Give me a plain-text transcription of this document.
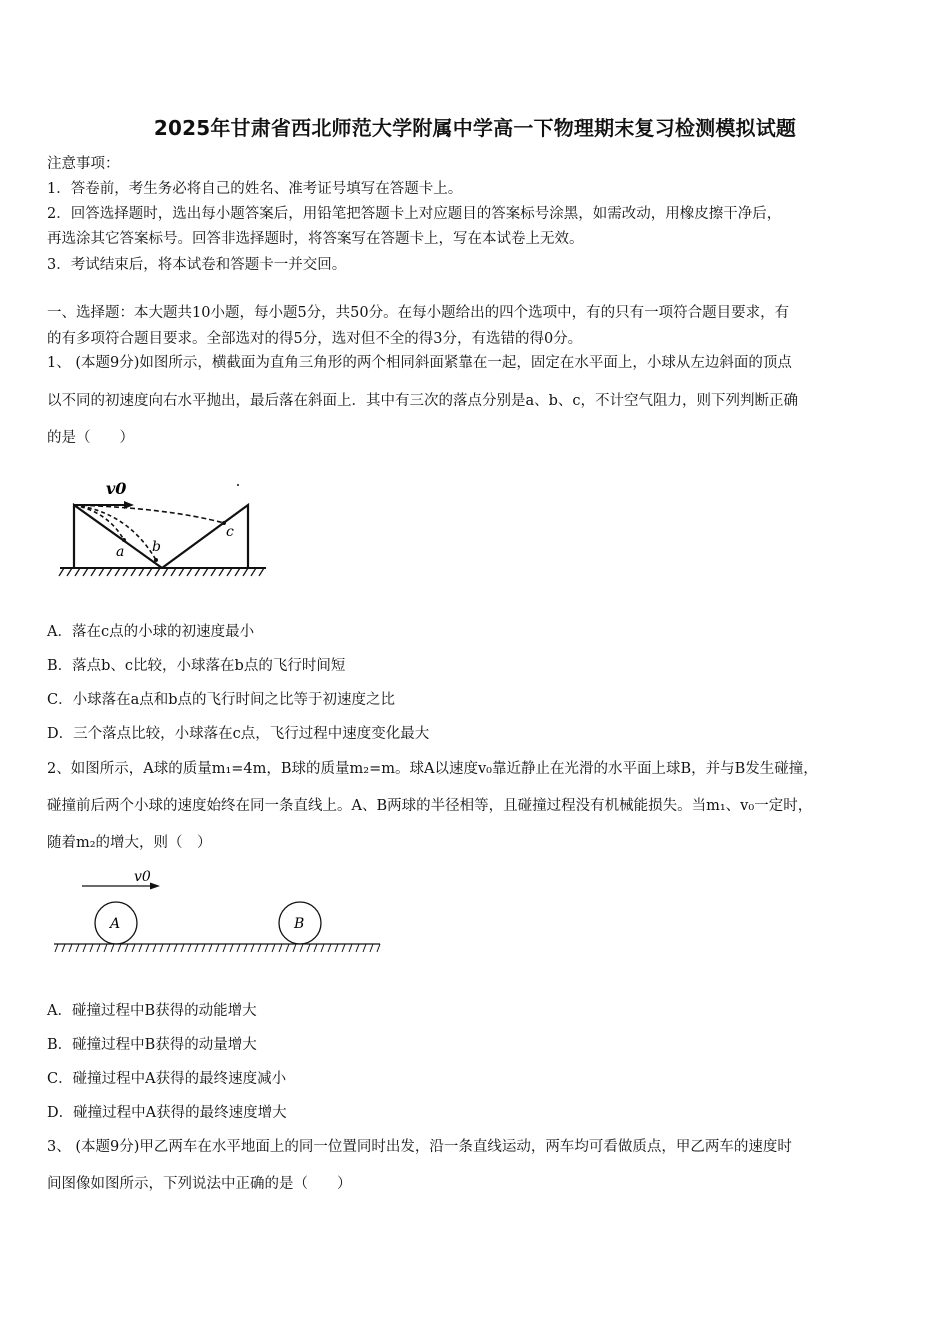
2025年甘肃省西北师范大学附属中学高一下物理期末复习检测模拟试题
注意事项：
1．答卷前，考生务必将自己的姓名、准考证号填写在答题卡上。
2．回答选择题时，选出每小题答案后，用铅笔把答题卡上对应题目的答案标号涂黑，如需改动，用橡皮擦干净后，
再选涂其它答案标号。回答非选择题时，将答案写在答题卡上，写在本试卷上无效。
3．考试结束后，将本试卷和答题卡一并交回。
一、选择题：本大题共10小题，每小题5分，共50分。在每小题给出的四个选项中，有的只有一项符合题目要求，有
的有多项符合题目要求。全部选对的得5分，选对但不全的得3分，有选错的得0分。
1、 (本题9分)如图所示，横截面为直角三角形的两个相同斜面紧靠在一起，固定在水平面上，小球从左边斜面的顶点
以不同的初速度向右水平抛出，最后落在斜面上．其中有三次的落点分别是a、b、c，不计空气阻力，则下列判断正确
的是（　　）
v0
a b
c
A．落在c点的小球的初速度最小
B．落点b、c比较，小球落在b点的飞行时间短
C．小球落在a点和b点的飞行时间之比等于初速度之比
D．三个落点比较，小球落在c点，飞行过程中速度变化最大
2、如图所示，A球的质量m₁=4m，B球的质量m₂=m。球A以速度v₀靠近静止在光滑的水平面上球B，并与B发生碰撞，
碰撞前后两个小球的速度始终在同一条直线上。A、B两球的半径相等，且碰撞过程没有机械能损失。当m₁、v₀一定时，
随着m₂的增大，则（　）
v0
A	B
A．碰撞过程中B获得的动能增大
B．碰撞过程中B获得的动量增大
C．碰撞过程中A获得的最终速度减小
D．碰撞过程中A获得的最终速度增大
3、 (本题9分)甲乙两车在水平地面上的同一位置同时出发，沿一条直线运动，两车均可看做质点，甲乙两车的速度时
间图像如图所示，下列说法中正确的是（　　）
